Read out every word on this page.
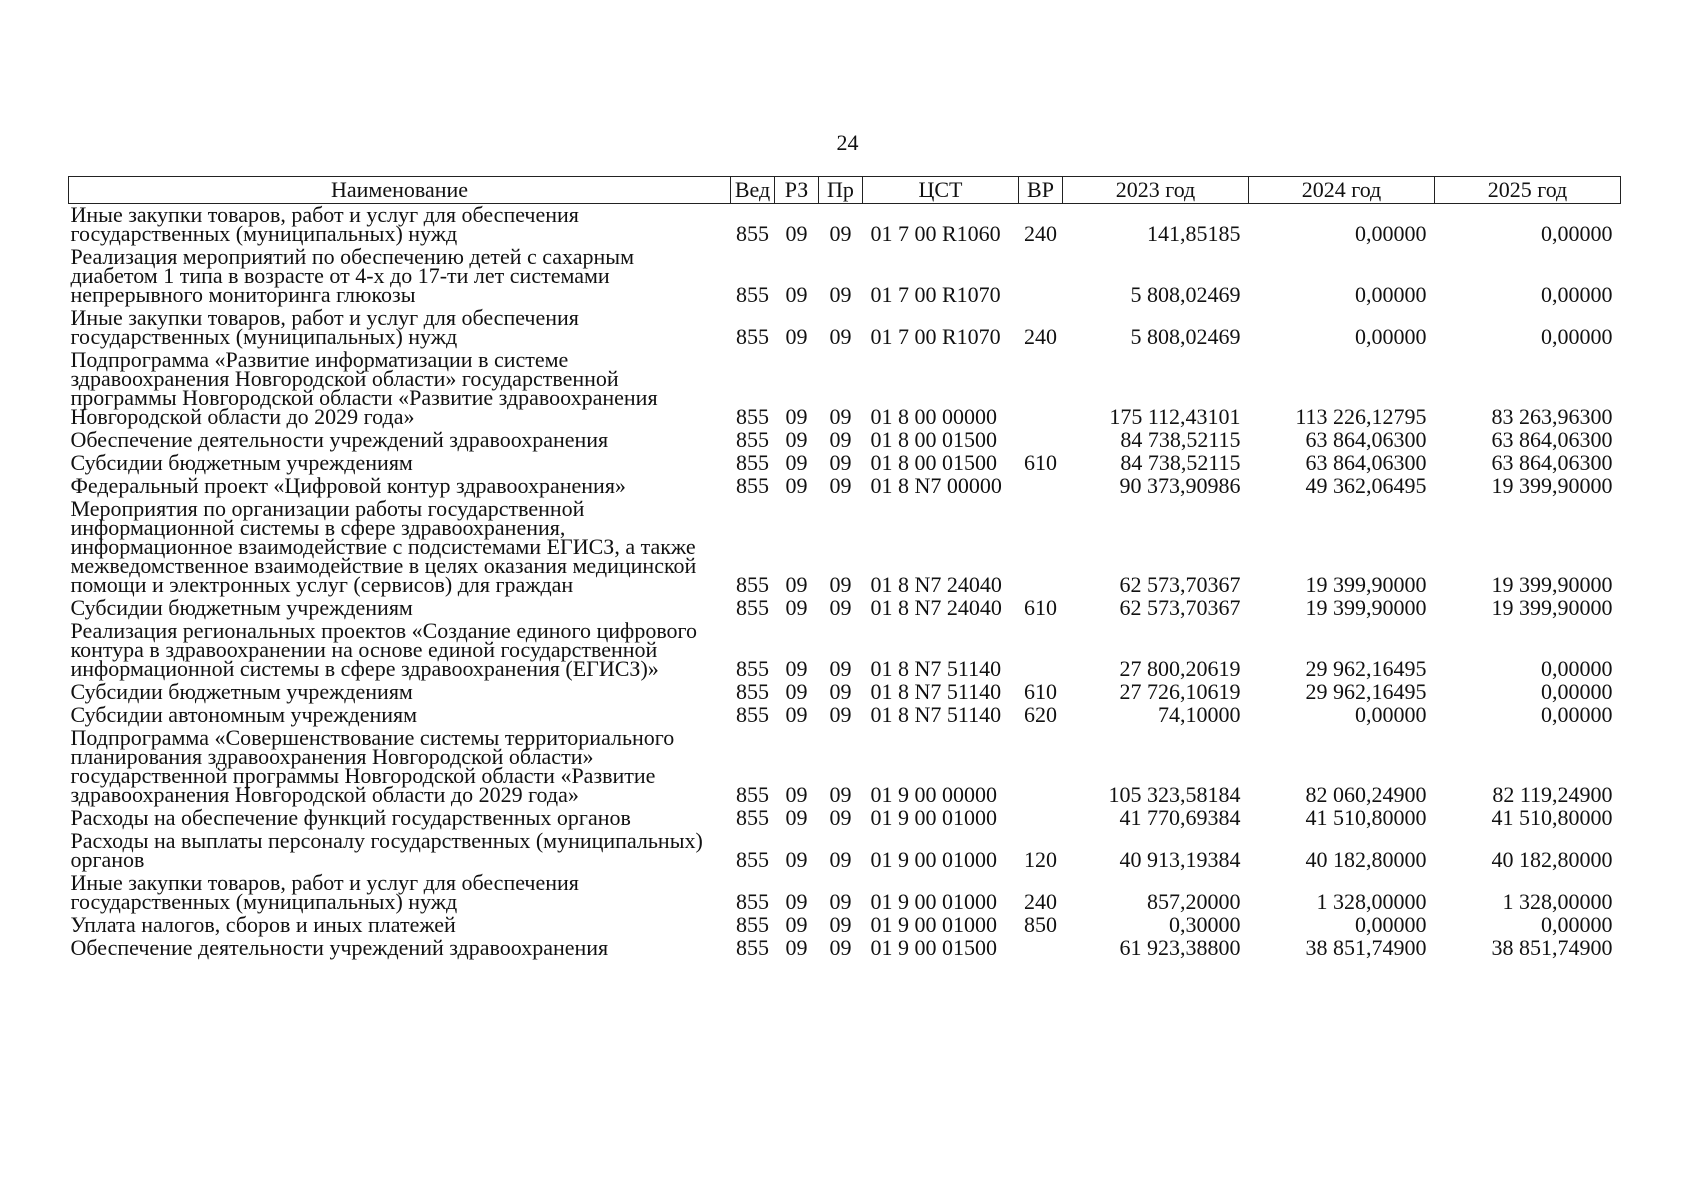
24
Наименование	Вед	РЗ	Пр	ЦСТ	ВР	2023 год	2024 год	2025 год
Иные закупки товаров, работ и услуг для обеспечения государственных (муниципальных) нужд	855	09	09	01 7 00 R1060	240	141,85185	0,00000	0,00000
Реализация мероприятий по обеспечению детей с сахарным диабетом 1 типа в возрасте от 4-х до 17-ти лет системами непрерывного мониторинга глюкозы	855	09	09	01 7 00 R1070		5 808,02469	0,00000	0,00000
Иные закупки товаров, работ и услуг для обеспечения государственных (муниципальных) нужд	855	09	09	01 7 00 R1070	240	5 808,02469	0,00000	0,00000
Подпрограмма «Развитие информатизации в системе здравоохранения Новгородской области» государственной программы Новгородской области «Развитие здравоохранения Новгородской области до 2029 года»	855	09	09	01 8 00 00000		175 112,43101	113 226,12795	83 263,96300
Обеспечение деятельности учреждений здравоохранения	855	09	09	01 8 00 01500		84 738,52115	63 864,06300	63 864,06300
Субсидии бюджетным учреждениям	855	09	09	01 8 00 01500	610	84 738,52115	63 864,06300	63 864,06300
Федеральный проект «Цифровой контур здравоохранения»	855	09	09	01 8 N7 00000		90 373,90986	49 362,06495	19 399,90000
Мероприятия по организации работы государственной информационной системы в сфере здравоохранения, информационное взаимодействие с подсистемами ЕГИСЗ, а также межведомственное взаимодействие в целях оказания медицинской помощи и электронных услуг (сервисов) для граждан	855	09	09	01 8 N7 24040		62 573,70367	19 399,90000	19 399,90000
Субсидии бюджетным учреждениям	855	09	09	01 8 N7 24040	610	62 573,70367	19 399,90000	19 399,90000
Реализация региональных проектов «Создание единого цифрового контура в здравоохранении на основе единой государственной информационной системы в сфере здравоохранения (ЕГИСЗ)»	855	09	09	01 8 N7 51140		27 800,20619	29 962,16495	0,00000
Субсидии бюджетным учреждениям	855	09	09	01 8 N7 51140	610	27 726,10619	29 962,16495	0,00000
Субсидии автономным учреждениям	855	09	09	01 8 N7 51140	620	74,10000	0,00000	0,00000
Подпрограмма «Совершенствование системы территориального планирования здравоохранения Новгородской области» государственной программы Новгородской области «Развитие здравоохранения Новгородской области до 2029 года»	855	09	09	01 9 00 00000		105 323,58184	82 060,24900	82 119,24900
Расходы на обеспечение функций государственных органов	855	09	09	01 9 00 01000		41 770,69384	41 510,80000	41 510,80000
Расходы на выплаты персоналу государственных (муниципальных) органов	855	09	09	01 9 00 01000	120	40 913,19384	40 182,80000	40 182,80000
Иные закупки товаров, работ и услуг для обеспечения государственных (муниципальных) нужд	855	09	09	01 9 00 01000	240	857,20000	1 328,00000	1 328,00000
Уплата налогов, сборов и иных платежей	855	09	09	01 9 00 01000	850	0,30000	0,00000	0,00000
Обеспечение деятельности учреждений здравоохранения	855	09	09	01 9 00 01500		61 923,38800	38 851,74900	38 851,74900
